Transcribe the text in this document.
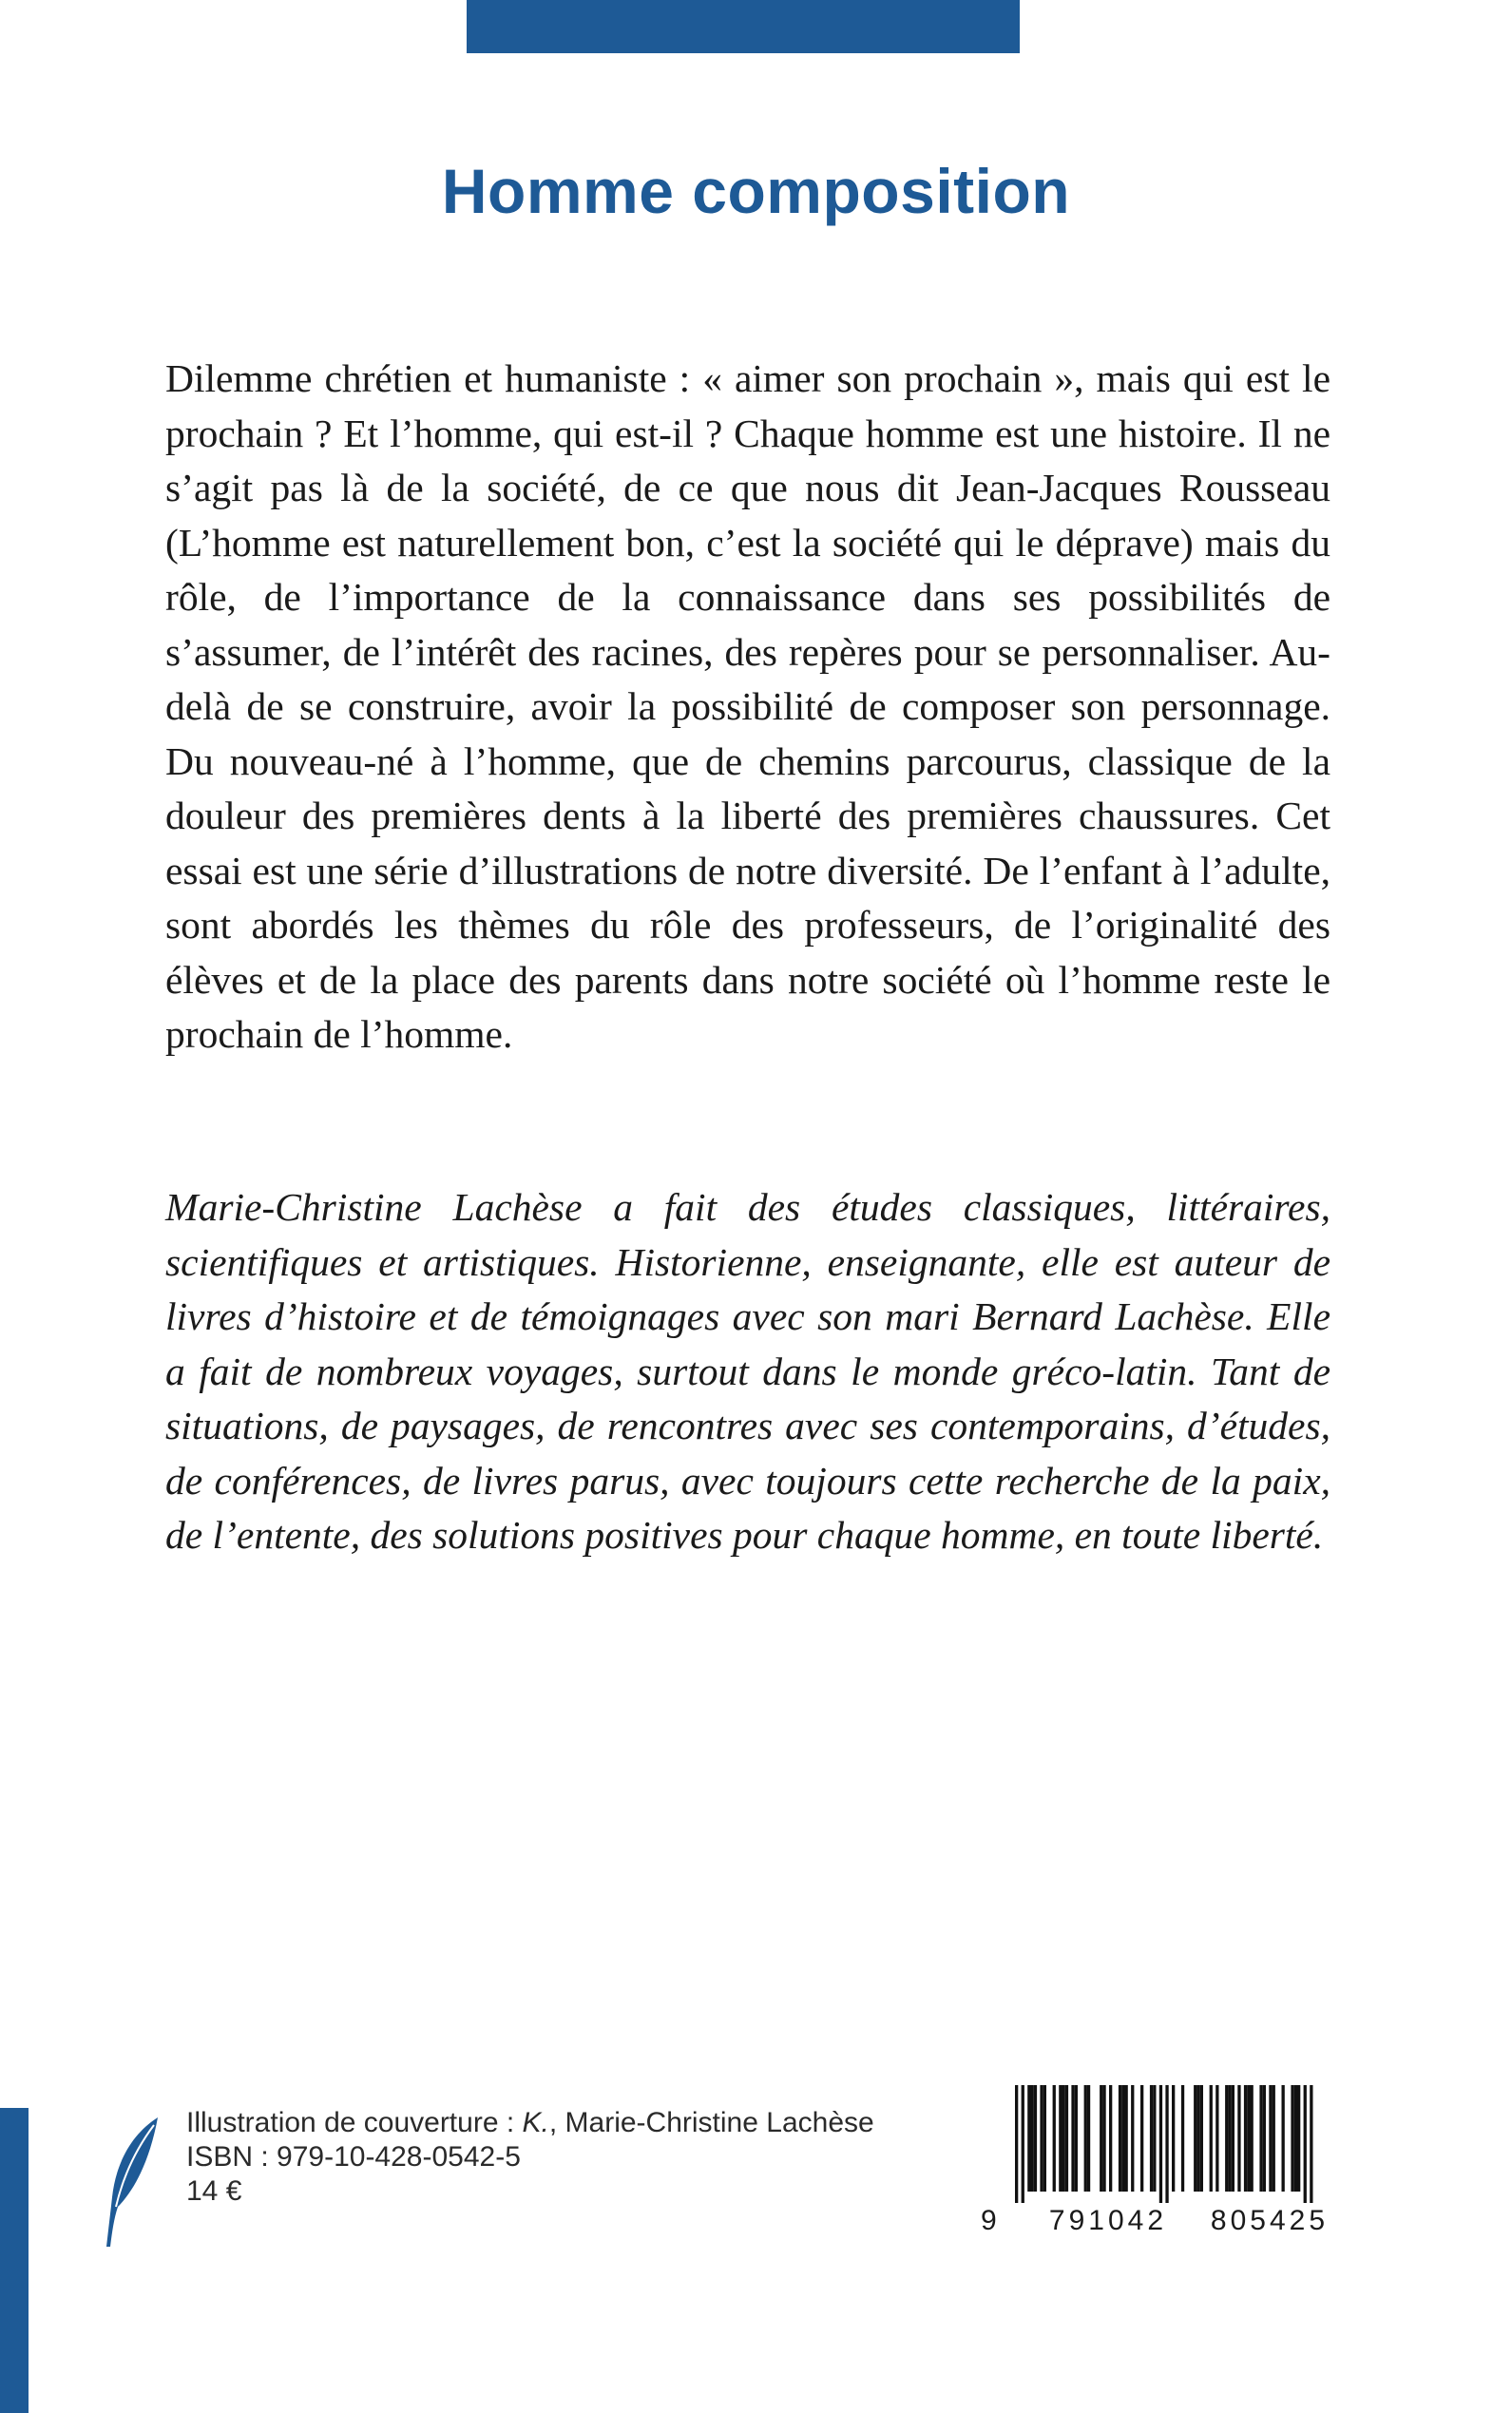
Homme composition

Dilemme chrétien et humaniste : « aimer son prochain », mais qui est le prochain ? Et l’homme, qui est-il ? Chaque homme est une histoire. Il ne s’agit pas là de la société, de ce que nous dit Jean-Jacques Rousseau (L’homme est naturellement bon, c’est la société qui le déprave) mais du rôle, de l’importance de la connaissance dans ses possibilités de s’assumer, de l’intérêt des racines, des repères pour se personnaliser. Au-delà de se construire, avoir la possibilité de composer son personnage. Du nouveau-né à l’homme, que de chemins parcourus, classique de la douleur des premières dents à la liberté des premières chaussures. Cet essai est une série d’illustrations de notre diversité. De l’enfant à l’adulte, sont abordés les thèmes du rôle des professeurs, de l’originalité des élèves et de la place des parents dans notre société où l’homme reste le prochain de l’homme.

Marie-Christine Lachèse a fait des études classiques, littéraires, scientifiques et artistiques. Historienne, enseignante, elle est auteur de livres d’histoire et de témoignages avec son mari Bernard Lachèse. Elle a fait de nombreux voyages, surtout dans le monde gréco-latin. Tant de situations, de paysages, de rencontres avec ses contemporains, d’études, de conférences, de livres parus, avec toujours cette recherche de la paix, de l’entente, des solutions positives pour chaque homme, en toute liberté.

Illustration de couverture : K., Marie-Christine Lachèse
ISBN : 979-10-428-0542-5
14 €
9	791042 805425
